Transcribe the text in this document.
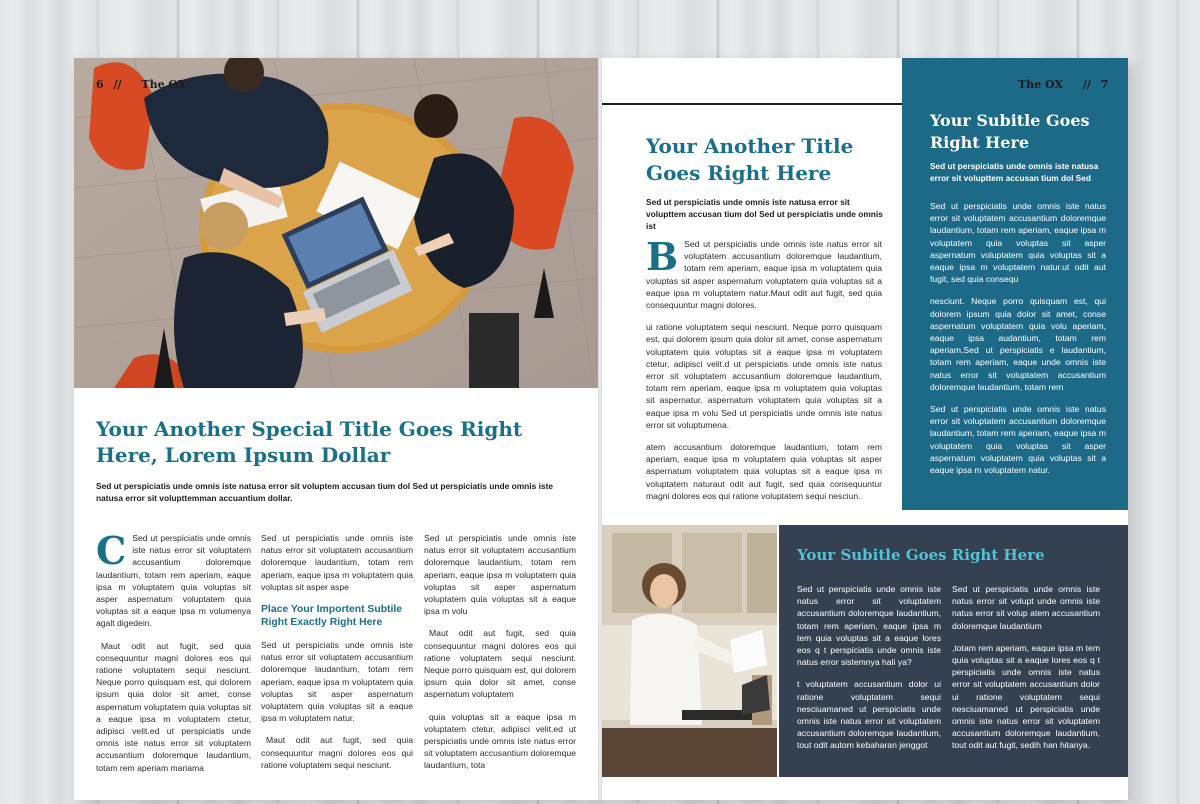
6 // The OX
Your Another Special Title Goes Right Here, Lorem Ipsum Dollar
Sed ut perspiciatis unde omnis iste natusa error sit voluptem accusan tium dol Sed ut perspiciatis unde omnis iste natusa error sit volupttemman accuantium dollar.
C Sed ut perspiciatis unde omnis iste natus error sit voluptatem accusantium doloremque laudantium, totam rem aperiam, eaque ipsa m voluptatem quia voluptas sit asper aspernatum voluptatem quia voluptas sit a eaque ipsa m volumenya agalt digedein.
Maut odit aut fugit, sed quia consequuntur magni dolores eos qui ratione voluptatem sequi nesciunt. Neque porro quisquam est, qui dolorem ipsum quia dolor sit amet, conse aspernatum voluptatem quia voluptas sit a eaque ipsa m voluptatem ctetur, adipisci velit.ed ut perspiciatis unde omnis iste natus error sit voluptatem accusantium doloremque laudantium, totam rem aperiam mariama
Sed ut perspiciatis unde omnis iste natus error sit voluptatem accusantium doloremque laudantium, totam rem aperiam, eaque ipsa m voluptatem quia voluptas sit asper aspe
Place Your Importent Subtile Right Exactly Right Here
Sed ut perspiciatis unde omnis iste natus error sit voluptatem accusantium doloremque laudantium, totam rem aperiam, eaque ipsa m voluptatem quia voluptas sit asper aspernatum voluptatem quia voluptas sit a eaque ipsa m voluptatem natur.
Maut odit aut fugit, sed quia consequuntur magni dolores eos qui ratione voluptatem sequi nesciunt.
Sed ut perspiciatis unde omnis iste natus error sit voluptatem accusantium doloremque laudantium, totam rem aperiam, eaque ipsa m voluptatem quia voluptas sit asper aspernatum voluptatem quia voluptas sit a eaque ipsa m volu
Maut odit aut fugit, sed quia consequuntur magni dolores eos qui ratione voluptatem sequi nesciunt. Neque porro quisquam est, qui dolorem ipsum quia dolor sit amet, conse aspernatum voluptatem
quia voluptas sit a eaque ipsa m voluptatem ctetur, adipisci velit.ed ut perspiciatis unde omnis iste natus error sit voluptatem accusantium doloremque laudantium, tota
Your Another Title Goes Right Here
Sed ut perspiciatis unde omnis iste natusa error sit volupttem accusan tium dol Sed ut perspiciatis unde omnis ist
B Sed ut perspiciatis unde omnis iste natus error sit voluptatem accusantium doloremque laudantium, totam rem aperiam, eaque ipsa m voluptatem quia voluptas sit asper aspernatum voluptatem quia voluptas sit a eaque ipsa m voluptatem natur.Maut odit aut fugit, sed quia consequuntur magni dolores.
ui ratione voluptatem sequi nesciunt. Neque porro quisquam est, qui dolorem ipsum quia dolor sit amet, conse aspernatum voluptatem quia voluptas sit a eaque ipsa m voluptatem ctetur, adipisci velit.d ut perspiciatis unde omnis iste natus error sit voluptatem accusantium doloremque laudantium, totam rem aperiam, eaque ipsa m voluptatem quia voluptas sit aspernatur. aspernatum voluptatem quia voluptas sit a eaque ipsa m volu Sed ut perspiciatis unde omnis iste natus error sit voluptumena.
atem accusantium doloremque laudantium, totam rem aperiam, eaque ipsa m voluptatem quia voluptas sit asper aspernatum voluptatem quia voluptas sit a eaque ipsa m voluptatem naturaut odit aut fugit, sed quia consequuntur magni dolores eos qui ratione voluptatem sequi nesciun.
The OX // 7
Your Subitle Goes Right Here
Sed ut perspiciatis unde omnis iste natusa error sit volupttem accusan tium dol Sed
Sed ut perspiciatis unde omnis iste natus error sit voluptatem accusantium doloremque laudantium, totam rem aperiam, eaque ipsa m voluptatem quia voluptas sit asper aspernatum voluptatem quia voluptas sit a eaque ipsa m voluptatem natur.ut odit aut fugit, sed quia consequ
nesciunt. Neque porro quisquam est, qui dolorem ipsum quia dolor sit amet, conse aspernatum voluptatem quia volu aperiam, eaque ipsa audantium, totam rem aperiam,Sed ut perspiciatis e laudantium, totam rem aperiam, eaque unde omnis iste natus error sit voluptatem accusantium doloremque laudantium, totam rem
Sed ut perspiciatis unde omnis iste natus error sit voluptatem accusantium doloremque laudantium, totam rem aperiam, eaque ipsa m voluptatem quia voluptas sit asper aspernatum voluptatem quia voluptas sit a eaque ipsa m voluptatem natur.
Your Subitle Goes Right Here
Sed ut perspiciatis unde omnis iste natus error sit voluptatem accusantium doloremque laudantium, totam rem aperiam, eaque ipsa m tem quia voluptas sit a eaque lores eos q t perspiciatis unde omnis iste natus error sistemnya hali ya?
t voluptatem accusantium dolor ui ratione voluptatem sequi nesciuamaned ut perspiciatis unde omnis iste natus error sit voluptatem accusantium doloremque laudantium, tout odit autom kebaharan jenggot
Sed ut perspiciatis unde omnis iste natus error sit volupt unde omnis iste natus error sit volup atem accusantium doloremque laudantium
,totam rem aperiam, eaque ipsa m tem quia voluptas sit a eaque lores eos q t perspiciatis unde omnis iste natus error sit voluptatem accusantium dolor ui ratione voluptatem sequi nesciuamaned ut perspiciatis unde omnis iste natus error sit voluptatem accusantium doloremque laudantium, tout odit aut fugit, sedih han hitanya.
